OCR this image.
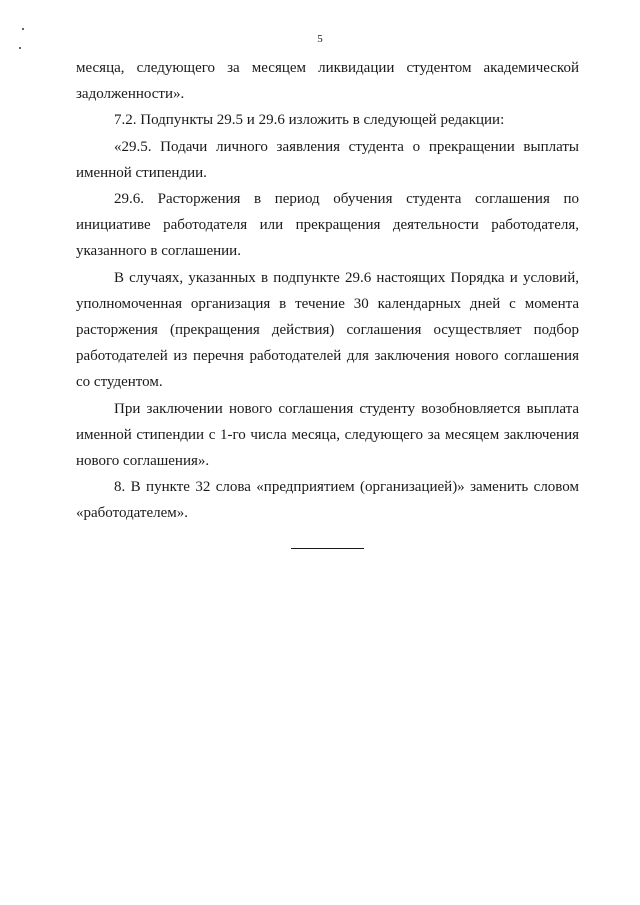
5

месяца, следующего за месяцем ликвидации студентом академической задолженности».

7.2. Подпункты 29.5 и 29.6 изложить в следующей редакции:

«29.5. Подачи личного заявления студента о прекращении выплаты именной стипендии.

29.6. Расторжения в период обучения студента соглашения по инициативе работодателя или прекращения деятельности работодателя, указанного в соглашении.

В случаях, указанных в подпункте 29.6 настоящих Порядка и условий, уполномоченная организация в течение 30 календарных дней с момента расторжения (прекращения действия) соглашения осуществляет подбор работодателей из перечня работодателей для заключения нового соглашения со студентом.

При заключении нового соглашения студенту возобновляется выплата именной стипендии с 1-го числа месяца, следующего за месяцем заключения нового соглашения».

8. В пункте 32 слова «предприятием (организацией)» заменить словом «работодателем».
